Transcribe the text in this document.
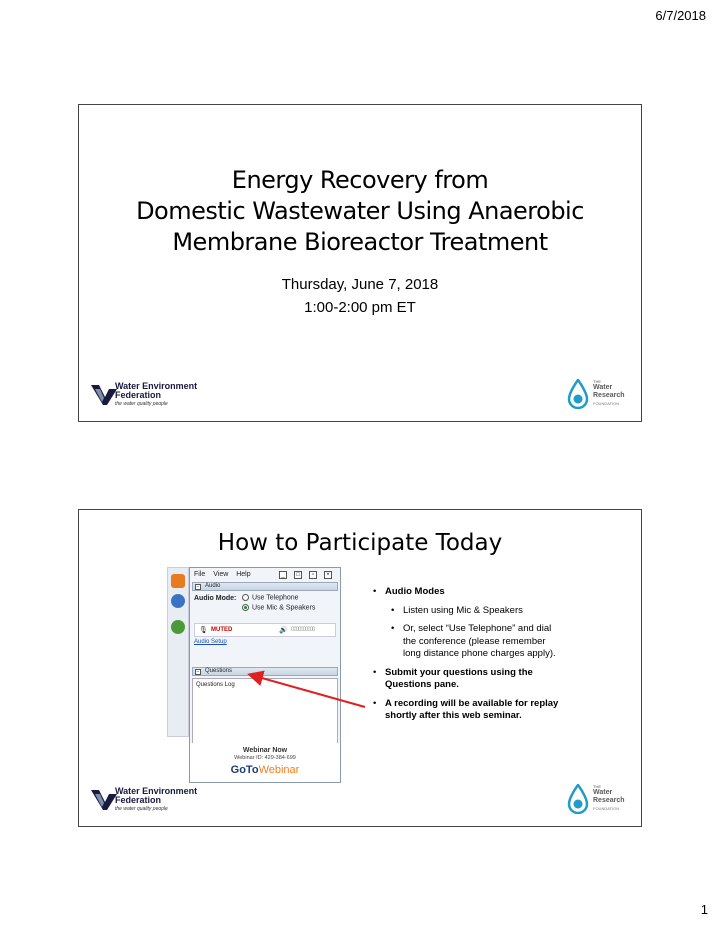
6/7/2018
Energy Recovery from
Domestic Wastewater Using Anaerobic
Membrane Bioreactor Treatment
Thursday, June 7, 2018
1:00-2:00 pm ET
Water Environment
Federation
the water quality people
THE
Water
Research
FOUNDATION
How to Participate Today
File View Help	_ □ ▫ ×
− Audio
Audio Mode:	Use Telephone
Use Mic & Speakers
🎙 MUTED	🔊 0000000000
Audio Setup
− Questions
Questions Log
Webinar Now
Webinar ID: 429-384-699
GoToWebinar
• Audio Modes
• Listen using Mic & Speakers
• Or, select “Use Telephone” and dial the conference (please remember long distance phone charges apply).
• Submit your questions using the Questions pane.
• A recording will be available for replay shortly after this web seminar.
Water Environment
Federation
the water quality people
THE
Water
Research
FOUNDATION
1
